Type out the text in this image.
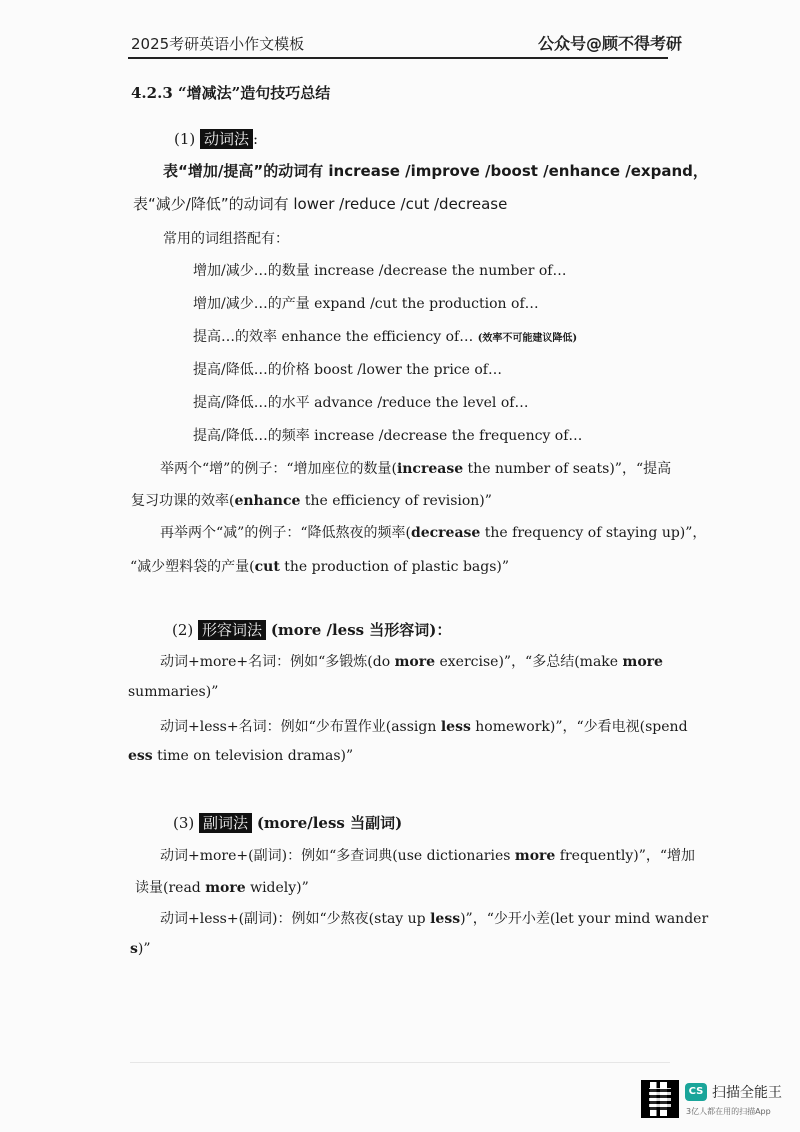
2025考研英语小作文模板	公众号@顾不得考研
4.2.3 “增减法”造句技巧总结
(1) 动词法 :
表“增加/提高”的动词有 increase /improve /boost /enhance /expand，
表“减少/降低”的动词有 lower /reduce /cut /decrease
常用的词组搭配有：
增加/减少…的数量 increase /decrease the number of…
增加/减少…的产量 expand /cut the production of…
提高…的效率 enhance the efficiency of… (效率不可能建议降低)
提高/降低…的价格 boost /lower the price of…
提高/降低…的水平 advance /reduce the level of…
提高/降低…的频率 increase /decrease the frequency of…
举两个“增”的例子：“增加座位的数量(increase the number of seats)”，“提高
复习功课的效率(enhance the efficiency of revision)”
再举两个“减”的例子：“降低熬夜的频率(decrease the frequency of staying up)”，
“减少塑料袋的产量(cut the production of plastic bags)”
(2) 形容词法 (more /less 当形容词)：
动词+more+名词：例如“多锻炼(do more exercise)”，“多总结(make more
summaries)”
动词+less+名词：例如“少布置作业(assign less homework)”，“少看电视(spend
ess time on television dramas)”
(3) 副词法 (more/less 当副词)
动词+more+(副词)：例如“多查词典(use dictionaries more frequently)”，“增加
读量(read more widely)”
动词+less+(副词)：例如“少熬夜(stay up less)”，“少开小差(let your mind wander
s)”
CS 扫描全能王
3亿人都在用的扫描App
